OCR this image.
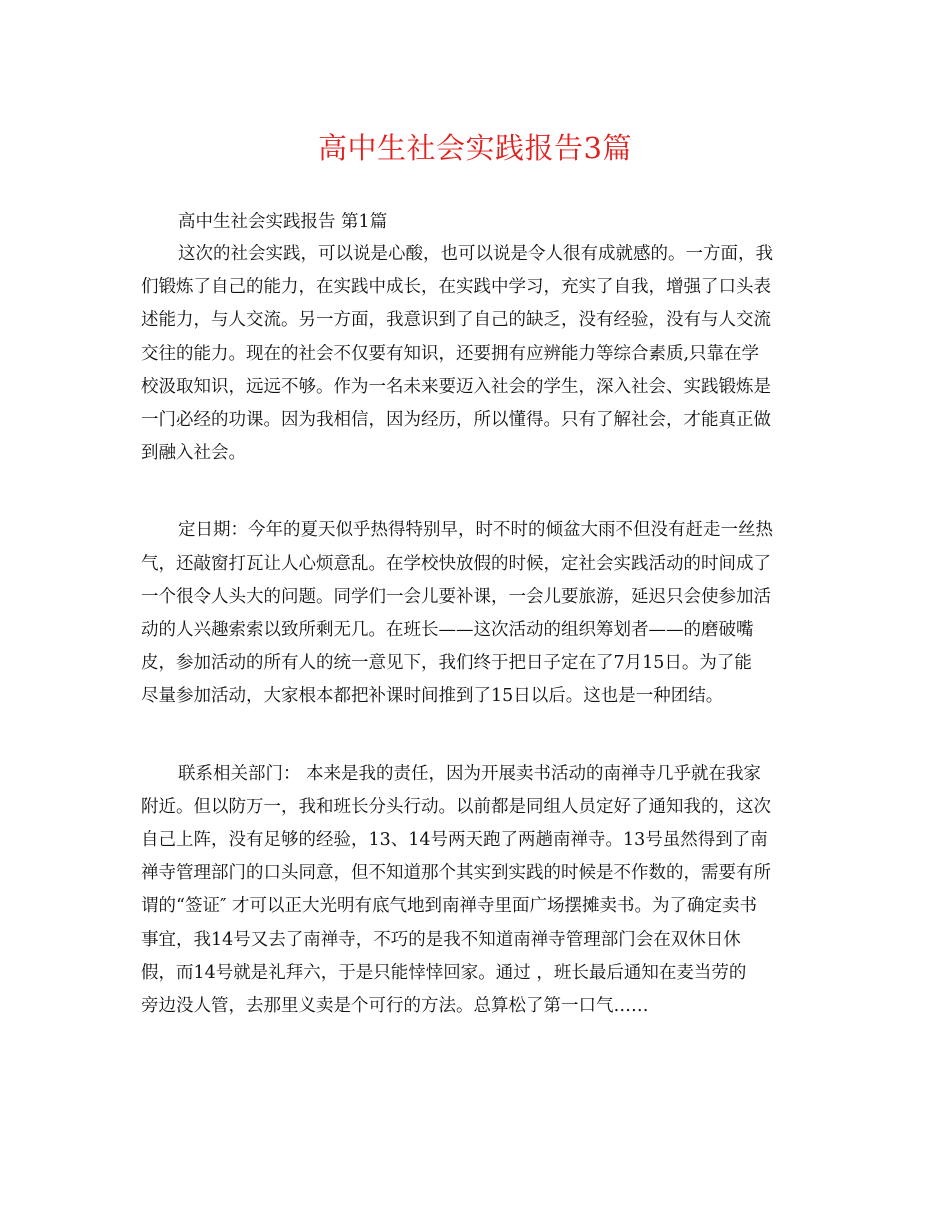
高中生社会实践报告3篇

高中生社会实践报告 第1篇

这次的社会实践，可以说是心酸，也可以说是令人很有成就感的。一方面，我
们锻炼了自己的能力，在实践中成长，在实践中学习，充实了自我，增强了口头表
述能力，与人交流。另一方面，我意识到了自己的缺乏，没有经验，没有与人交流
交往的能力。现在的社会不仅要有知识，还要拥有应辨能力等综合素质,只靠在学
校汲取知识，远远不够。作为一名未来要迈入社会的学生，深入社会、实践锻炼是
一门必经的功课。因为我相信，因为经历，所以懂得。只有了解社会，才能真正做
到融入社会。

定日期：今年的夏天似乎热得特别早，时不时的倾盆大雨不但没有赶走一丝热
气，还敲窗打瓦让人心烦意乱。在学校快放假的时候，定社会实践活动的时间成了
一个很令人头大的问题。同学们一会儿要补课，一会儿要旅游，延迟只会使参加活
动的人兴趣索索以致所剩无几。在班长——这次活动的组织筹划者——的磨破嘴
皮，参加活动的所有人的统一意见下，我们终于把日子定在了7月15日。为了能
尽量参加活动，大家根本都把补课时间推到了15日以后。这也是一种团结。

联系相关部门： 本来是我的责任，因为开展卖书活动的南禅寺几乎就在我家
附近。但以防万一，我和班长分头行动。以前都是同组人员定好了通知我的，这次
自己上阵，没有足够的经验，13、14号两天跑了两趟南禅寺。13号虽然得到了南
禅寺管理部门的口头同意，但不知道那个其实到实践的时候是不作数的，需要有所
谓的“签证″ 才可以正大光明有底气地到南禅寺里面广场摆摊卖书。为了确定卖书
事宜，我14号又去了南禅寺，不巧的是我不知道南禅寺管理部门会在双休日休
假，而14号就是礼拜六，于是只能悻悻回家。通过 ，班长最后通知在麦当劳的
旁边没人管，去那里义卖是个可行的方法。总算松了第一口气……
